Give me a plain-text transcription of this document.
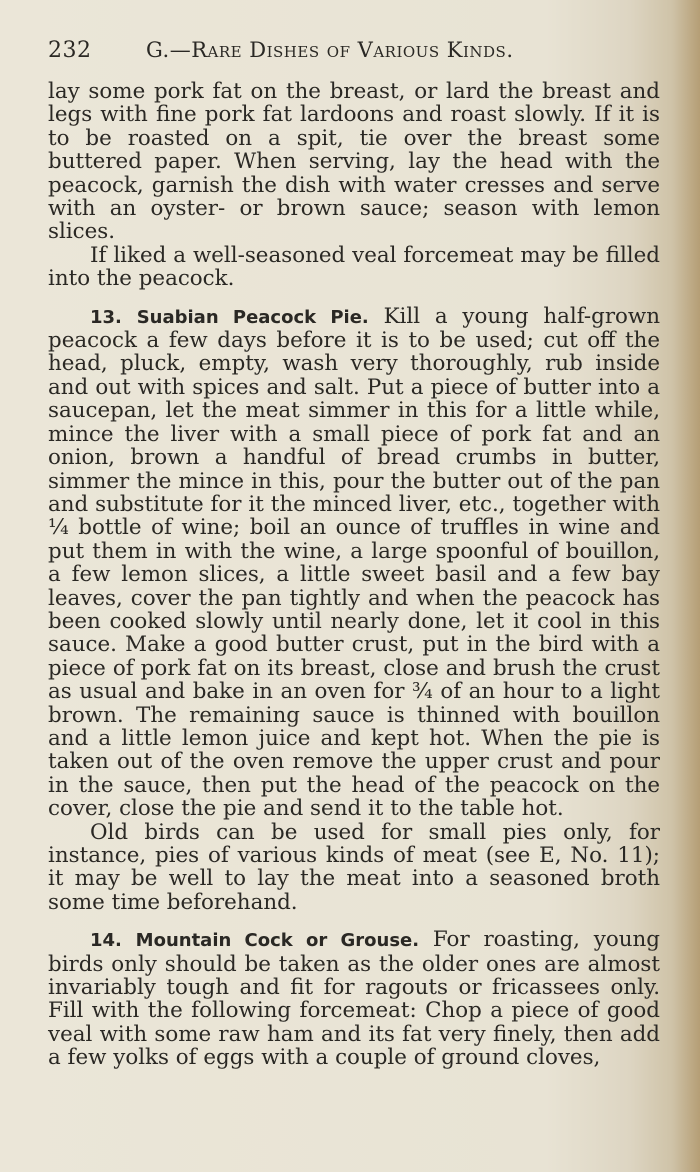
232	G.—Rare Dishes of Various Kinds.

lay some pork fat on the breast, or lard the breast and legs with fine pork fat lardoons and roast slowly. If it is to be roasted on a spit, tie over the breast some buttered paper. When serving, lay the head with the peacock, garnish the dish with water cresses and serve with an oyster- or brown sauce; season with lemon slices.

If liked a well-seasoned veal forcemeat may be filled into the peacock.

13. Suabian Peacock Pie. Kill a young half-grown peacock a few days before it is to be used; cut off the head, pluck, empty, wash very thoroughly, rub inside and out with spices and salt. Put a piece of butter into a saucepan, let the meat simmer in this for a little while, mince the liver with a small piece of pork fat and an onion, brown a handful of bread crumbs in butter, simmer the mince in this, pour the butter out of the pan and substitute for it the minced liver, etc., together with ¼ bottle of wine; boil an ounce of truffles in wine and put them in with the wine, a large spoonful of bouillon, a few lemon slices, a little sweet basil and a few bay leaves, cover the pan tightly and when the peacock has been cooked slowly until nearly done, let it cool in this sauce. Make a good butter crust, put in the bird with a piece of pork fat on its breast, close and brush the crust as usual and bake in an oven for ¾ of an hour to a light brown. The remaining sauce is thinned with bouillon and a little lemon juice and kept hot. When the pie is taken out of the oven remove the upper crust and pour in the sauce, then put the head of the peacock on the cover, close the pie and send it to the table hot.

Old birds can be used for small pies only, for instance, pies of various kinds of meat (see E, No. 11); it may be well to lay the meat into a seasoned broth some time beforehand.

14. Mountain Cock or Grouse. For roasting, young birds only should be taken as the older ones are almost invariably tough and fit for ragouts or fricassees only. Fill with the following forcemeat: Chop a piece of good veal with some raw ham and its fat very finely, then add a few yolks of eggs with a couple of ground cloves,
